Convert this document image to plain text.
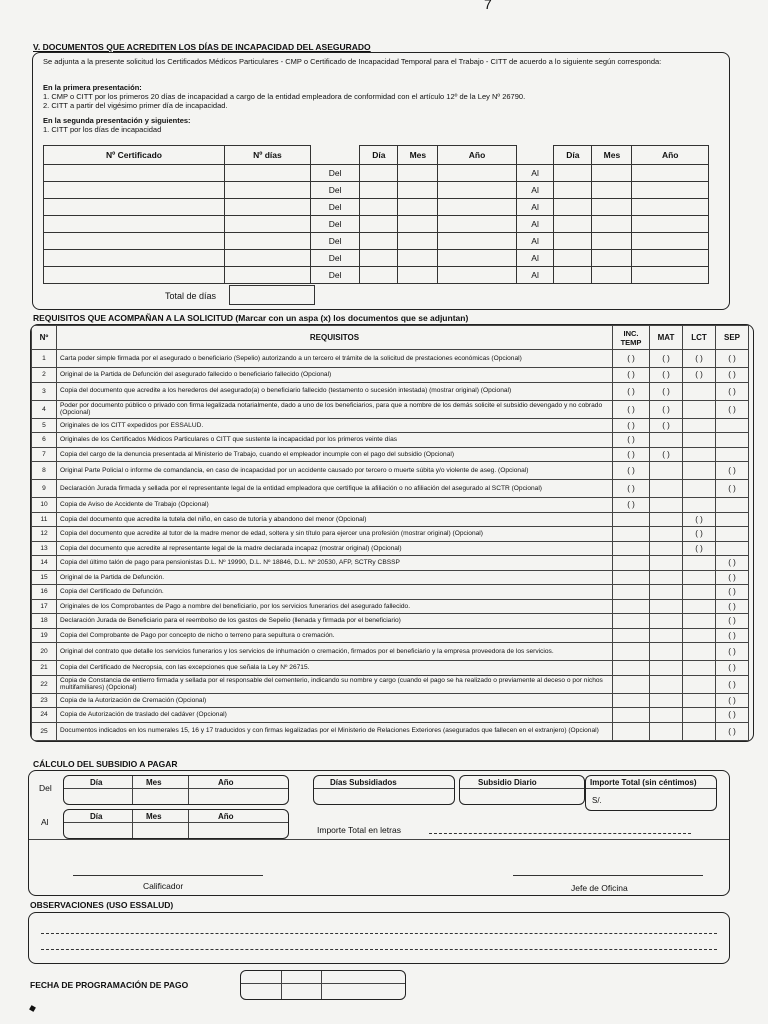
7
V. DOCUMENTOS QUE ACREDITEN LOS DÍAS DE INCAPACIDAD DEL ASEGURADO
Se adjunta a la presente solicitud los Certificados Médicos Particulares - CMP o Certificado de Incapacidad Temporal para el Trabajo - CITT de acuerdo a lo siguiente según corresponda:
En la primera presentación:
1. CMP o CITT por los primeros 20 días de incapacidad a cargo de la entidad empleadora de conformidad con el artículo 12º de la Ley Nº 26790.
2. CITT a partir del vigésimo primer día de incapacidad.
En la segunda presentación y siguientes:
1. CITT por los días de incapacidad
Nº Certificado	Nº días		Día	Mes	Año		Día	Mes	Año
		Del				Al			
		Del				Al			
		Del				Al			
		Del				Al			
		Del				Al			
		Del				Al			
		Del				Al			
Total de días
REQUISITOS QUE ACOMPAÑAN A LA SOLICITUD (Marcar con un aspa (x) los documentos que se adjuntan)
Nº	REQUISITOS	INC. TEMP	MAT	LCT	SEP
1	Carta poder simple firmada por el asegurado o beneficiario (Sepelio) autorizando a un tercero el trámite de la solicitud de prestaciones económicas (Opcional)	( )	( )	( )	( )
2	Original de la Partida de Defunción del asegurado fallecido o beneficiario fallecido (Opcional)	( )	( )	( )	( )
3	Copia del documento que acredite a los herederos del asegurado(a) o beneficiario fallecido (testamento o sucesión intestada) (mostrar original) (Opcional)	( )	( )		( )
4	Poder por documento público o privado con firma legalizada notarialmente, dado a uno de los beneficiarios, para que a nombre de los demás solicite el subsidio devengado y no cobrado (Opcional)	( )	( )		( )
5	Originales de los CITT expedidos por ESSALUD.	( )	( )		
6	Originales de los Certificados Médicos Particulares o CITT que sustente la incapacidad por los primeros veinte días	( )			
7	Copia del cargo de la denuncia presentada al Ministerio de Trabajo, cuando el empleador incumple con el pago del subsidio (Opcional)	( )	( )		
8	Original Parte Policial o informe de comandancia, en caso de incapacidad por un accidente causado por tercero o muerte súbita y/o violente de aseg. (Opcional)	( )			( )
9	Declaración Jurada firmada y sellada por el representante legal de la entidad empleadora que certifique la afiliación o no afiliación del asegurado al SCTR (Opcional)	( )			( )
10	Copia de Aviso de Accidente de Trabajo (Opcional)	( )			
11	Copia del documento que acredite la tutela del niño, en caso de tutoría y abandono del menor (Opcional)			( )	
12	Copia del documento que acredite al tutor de la madre menor de edad, soltera y sin título para ejercer una profesión (mostrar original) (Opcional)			( )	
13	Copia del documento que acredite al representante legal de la madre declarada incapaz (mostrar original) (Opcional)			( )	
14	Copia del último talón de pago para pensionistas D.L. Nº 19990, D.L. Nº 18846, D.L. Nº 20530, AFP, SCTRy CBSSP				( )
15	Original de la Partida de Defunción.				( )
16	Copia del Certificado de Defunción.				( )
17	Originales de los Comprobantes de Pago a nombre del beneficiario, por los servicios funerarios del asegurado fallecido.				( )
18	Declaración Jurada de Beneficiario para el reembolso de los gastos de Sepelio (llenada y firmada por el beneficiario)				( )
19	Copia del Comprobante de Pago por concepto de nicho o terreno para sepultura o cremación.				( )
20	Original del contrato que detalle los servicios funerarios y los servicios de inhumación o cremación, firmados por el beneficiario y la empresa proveedora de los servicios.				( )
21	Copia del Certificado de Necropsia, con las excepciones que señala la Ley Nº 26715.				( )
22	Copia de Constancia de entierro firmada y sellada por el responsable del cementerio, indicando su nombre y cargo (cuando el pago se ha realizado o previamente al deceso o por nichos multifamiliares) (Opcional)				( )
23	Copia de la Autorización de Cremación (Opcional)				( )
24	Copia de Autorización de traslado del cadáver (Opcional)				( )
25	Documentos indicados en los numerales 15, 16 y 17 traducidos y con firmas legalizadas por el Ministerio de Relaciones Exteriores (asegurados que fallecen en el extranjero) (Opcional)				( )
CÁLCULO DEL SUBSIDIO A PAGAR
Del
Día	Mes	Año
Al
Día	Mes	Año
Días Subsidiados	Subsidio Diario	Importe Total (sin céntimos)
S/.
Importe Total en letras
Calificador	Jefe de Oficina
OBSERVACIONES (USO ESSALUD)
FECHA DE PROGRAMACIÓN DE PAGO
